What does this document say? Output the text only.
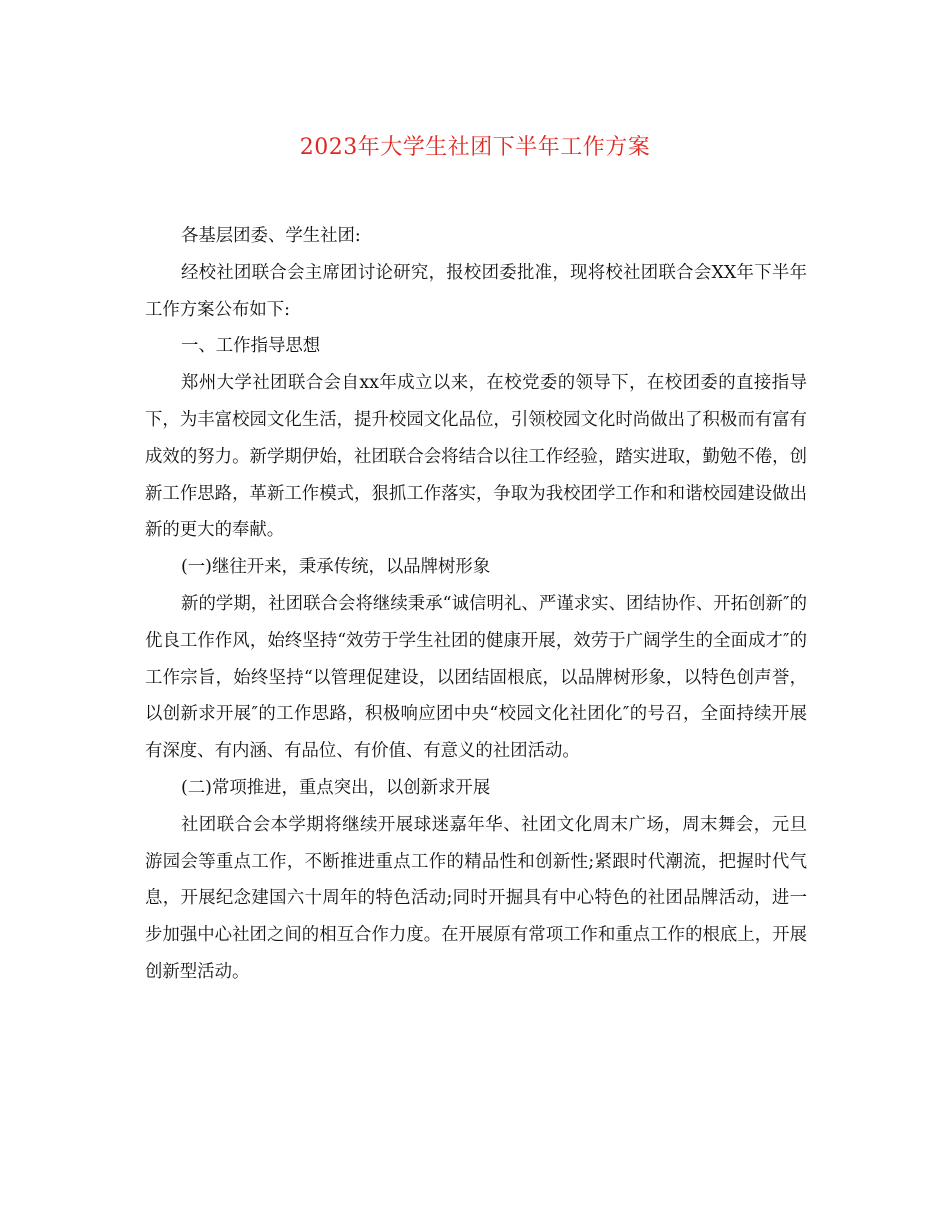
2023年大学生社团下半年工作方案

各基层团委、学生社团:

经校社团联合会主席团讨论研究，报校团委批准，现将校社团联合会XX年下半年工作方案公布如下:

一、工作指导思想

郑州大学社团联合会自xx年成立以来，在校党委的领导下，在校团委的直接指导下，为丰富校园文化生活，提升校园文化品位，引领校园文化时尚做出了积极而有富有成效的努力。新学期伊始，社团联合会将结合以往工作经验，踏实进取，勤勉不倦，创新工作思路，革新工作模式，狠抓工作落实，争取为我校团学工作和和谐校园建设做出新的更大的奉献。

(一)继往开来，秉承传统，以品牌树形象

新的学期，社团联合会将继续秉承“诚信明礼、严谨求实、团结协作、开拓创新″的优良工作作风，始终坚持“效劳于学生社团的健康开展，效劳于广阔学生的全面成才″的工作宗旨，始终坚持“以管理促建设，以团结固根底，以品牌树形象，以特色创声誉，以创新求开展″的工作思路，积极响应团中央“校园文化社团化″的号召，全面持续开展有深度、有内涵、有品位、有价值、有意义的社团活动。

(二)常项推进，重点突出，以创新求开展

社团联合会本学期将继续开展球迷嘉年华、社团文化周末广场，周末舞会，元旦游园会等重点工作，不断推进重点工作的精品性和创新性;紧跟时代潮流，把握时代气息，开展纪念建国六十周年的特色活动;同时开掘具有中心特色的社团品牌活动，进一步加强中心社团之间的相互合作力度。在开展原有常项工作和重点工作的根底上，开展创新型活动。
